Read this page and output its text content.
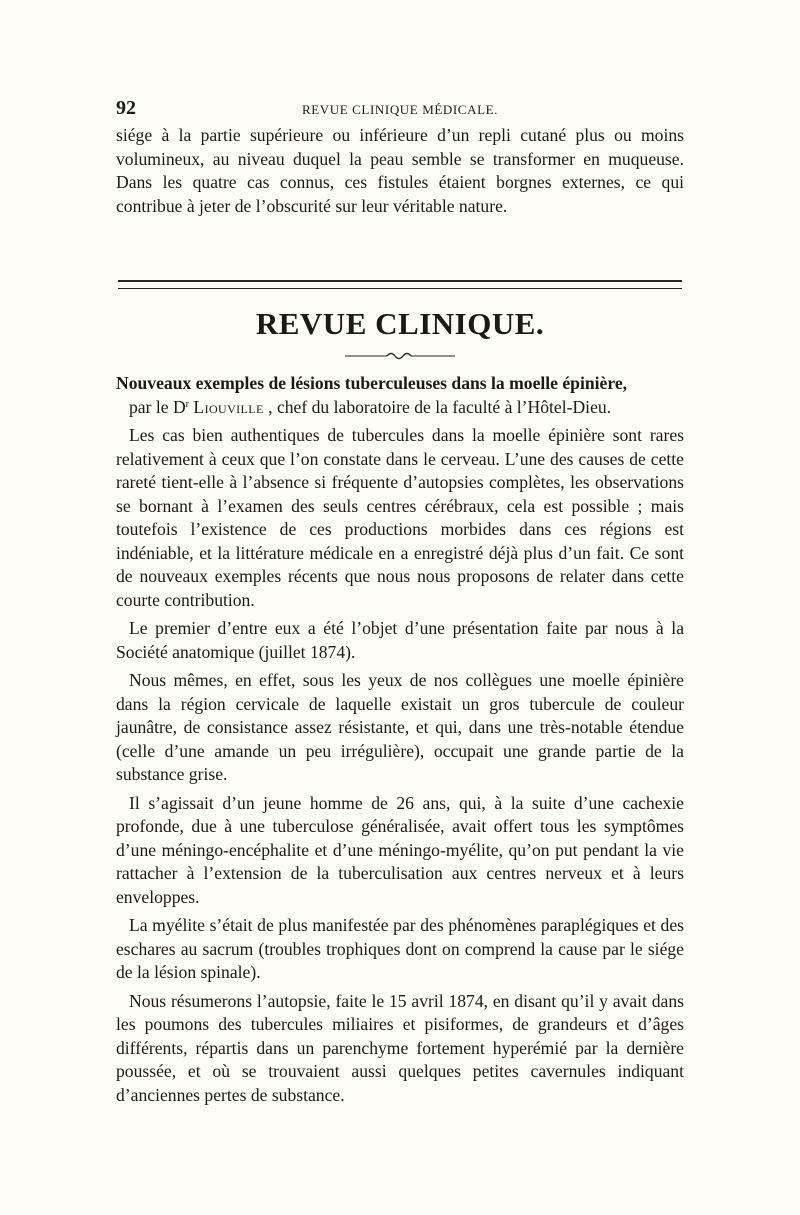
92	REVUE CLINIQUE MÉDICALE.

siége à la partie supérieure ou inférieure d’un repli cutané plus ou moins volumineux, au niveau duquel la peau semble se transformer en muqueuse. Dans les quatre cas connus, ces fistules étaient borgnes externes, ce qui contribue à jeter de l’obscurité sur leur véritable nature.

REVUE CLINIQUE.

Nouveaux exemples de lésions tuberculeuses dans la moelle épinière,

par le $D^r$ Liouville , chef du laboratoire de la faculté à l’Hôtel-Dieu.

Les cas bien authentiques de tubercules dans la moelle épinière sont rares relativement à ceux que l’on constate dans le cerveau. L’une des causes de cette rareté tient-elle à l’absence si fréquente d’autopsies complètes, les observations se bornant à l’examen des seuls centres cérébraux, cela est possible ; mais toutefois l’existence de ces productions morbides dans ces régions est indéniable, et la littérature médicale en a enregistré déjà plus d’un fait. Ce sont de nouveaux exemples récents que nous nous proposons de relater dans cette courte contribution.

Le premier d’entre eux a été l’objet d’une présentation faite par nous à la Société anatomique (juillet 1874).

Nous mêmes, en effet, sous les yeux de nos collègues une moelle épinière dans la région cervicale de laquelle existait un gros tubercule de couleur jaunâtre, de consistance assez résistante, et qui, dans une très-notable étendue (celle d’une amande un peu irrégulière), occupait une grande partie de la substance grise.

Il s’agissait d’un jeune homme de 26 ans, qui, à la suite d’une cachexie profonde, due à une tuberculose généralisée, avait offert tous les symptômes d’une méningo-encéphalite et d’une méningo-myélite, qu’on put pendant la vie rattacher à l’extension de la tuberculisation aux centres nerveux et à leurs enveloppes.

La myélite s’était de plus manifestée par des phénomènes paraplégiques et des eschares au sacrum (troubles trophiques dont on comprend la cause par le siége de la lésion spinale).

Nous résumerons l’autopsie, faite le 15 avril 1874, en disant qu’il y avait dans les poumons des tubercules miliaires et pisiformes, de grandeurs et d’âges différents, répartis dans un parenchyme fortement hyperémié par la dernière poussée, et où se trouvaient aussi quelques petites cavernules indiquant d’anciennes pertes de substance.
